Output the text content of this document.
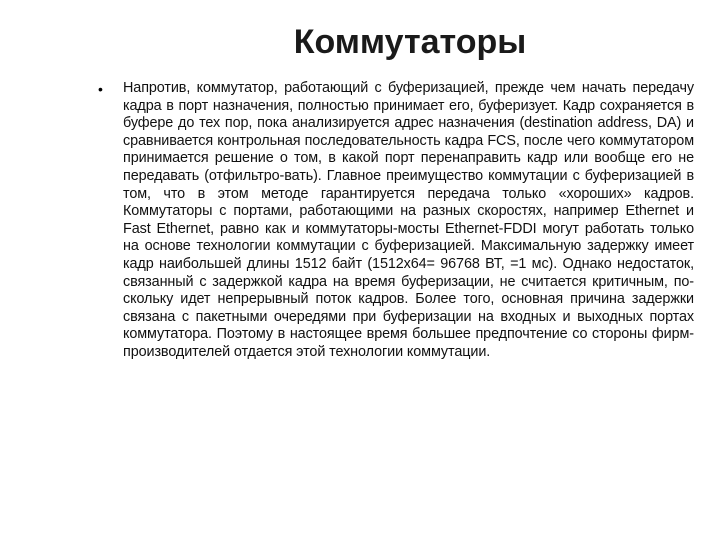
Коммутаторы
• Напротив, коммутатор, работающий с буферизацией, прежде чем начать передачу кадра в порт назначения, полностью принимает его, буферизует. Кадр сохраняется в буфере до тех пор, пока анализируется адрес назначения (destination address, DA) и сравнивается контрольная последовательность кадра FCS, после чего коммутатором принимается решение о том, в какой порт перенаправить кадр или вообще его не передавать (отфильтро-вать). Главное преимущество коммутации с буферизацией в том, что в этом методе гарантируется передача только «хороших» кадров. Коммутаторы с портами, работающими на разных скоростях, например Ethernet и Fast Ethernet, равно как и коммутаторы-мосты Ethernet-FDDI могут работать только на основе технологии коммутации с буферизацией. Максимальную задержку имеет кадр наибольшей длины 1512 байт (1512х64= 96768 ВТ, =1 мс). Однако недостаток, связанный с задержкой кадра на время буферизации, не считается критичным, по-скольку идет непрерывный поток кадров. Более того, основная причина задержки связана с пакетными очередями при буферизации на входных и выходных портах коммутатора. Поэтому в настоящее время большее предпочтение со стороны фирм-производителей отдается этой технологии коммутации.
